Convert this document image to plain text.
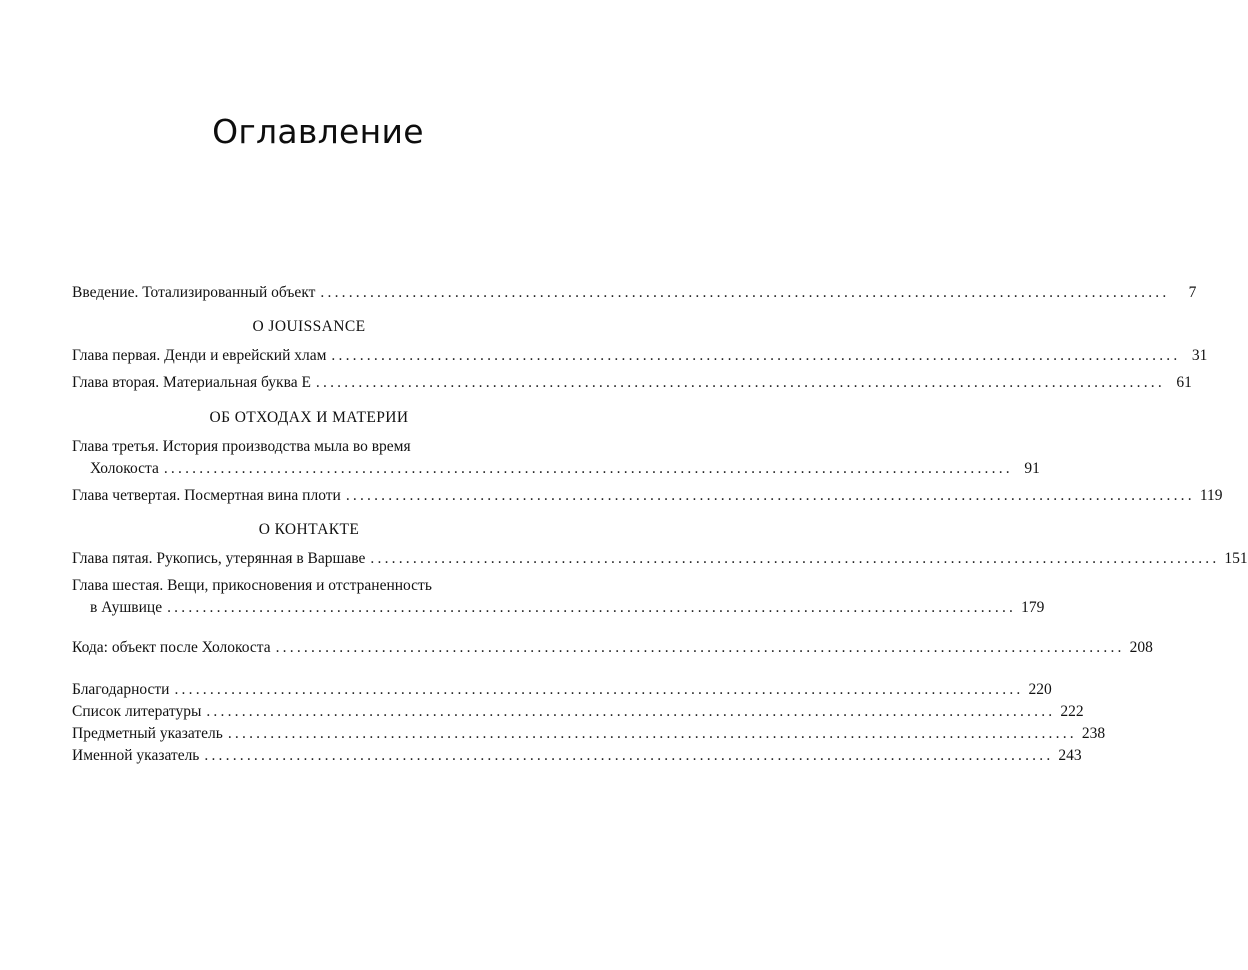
Оглавление
Введение. Тотализированный объект ........................................................................................................................	7
О JOUISSANCE
Глава первая. Денди и еврейский хлам ........................................................................................................................ 31
Глава вторая. Материальная буква Е ........................................................................................................................ 61
ОБ ОТХОДАХ И МАТЕРИИ
Глава третья. История производства мыла во время
Холокоста ........................................................................................................................ 91
Глава четвертая. Посмертная вина плоти ........................................................................................................................ 119
О КОНТАКТЕ
Глава пятая. Рукопись, утерянная в Варшаве ........................................................................................................................ 151
Глава шестая. Вещи, прикосновения и отстраненность
в Аушвице ........................................................................................................................ 179
Кода: объект после Холокоста ........................................................................................................................ 208
Благодарности ........................................................................................................................ 220
Список литературы ........................................................................................................................ 222
Предметный указатель ........................................................................................................................ 238
Именной указатель ........................................................................................................................ 243
